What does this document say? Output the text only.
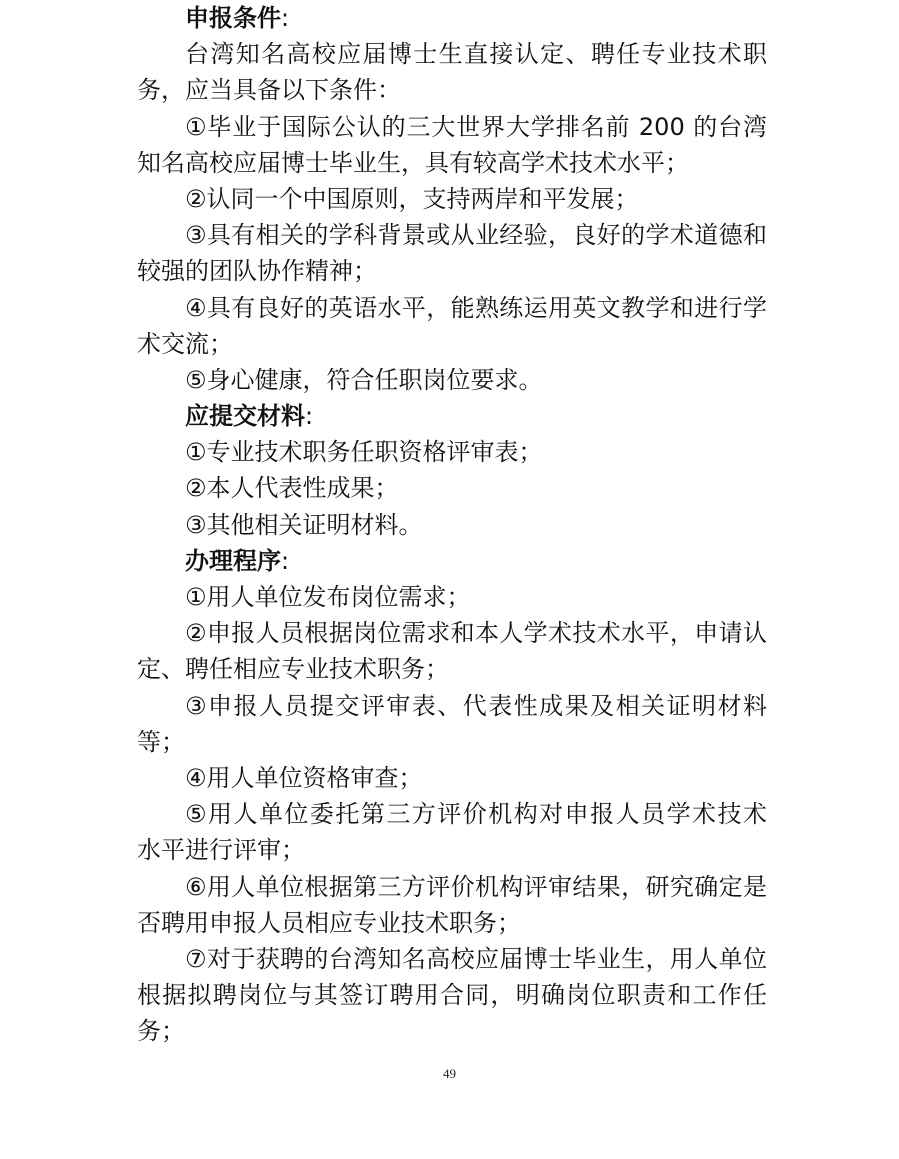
申报条件:
台湾知名高校应届博士生直接认定、聘任专业技术职
务，应当具备以下条件：
①毕业于国际公认的三大世界大学排名前 200 的台湾
知名高校应届博士毕业生，具有较高学术技术水平；
②认同一个中国原则，支持两岸和平发展；
③具有相关的学科背景或从业经验，良好的学术道德和
较强的团队协作精神；
④具有良好的英语水平，能熟练运用英文教学和进行学
术交流；
⑤身心健康，符合任职岗位要求。
应提交材料:
①专业技术职务任职资格评审表；
②本人代表性成果；
③其他相关证明材料。
办理程序:
①用人单位发布岗位需求；
②申报人员根据岗位需求和本人学术技术水平，申请认
定、聘任相应专业技术职务；
③申报人员提交评审表、代表性成果及相关证明材料
等；
④用人单位资格审查；
⑤用人单位委托第三方评价机构对申报人员学术技术
水平进行评审；
⑥用人单位根据第三方评价机构评审结果，研究确定是
否聘用申报人员相应专业技术职务；
⑦对于获聘的台湾知名高校应届博士毕业生，用人单位
根据拟聘岗位与其签订聘用合同，明确岗位职责和工作任
务；
49
